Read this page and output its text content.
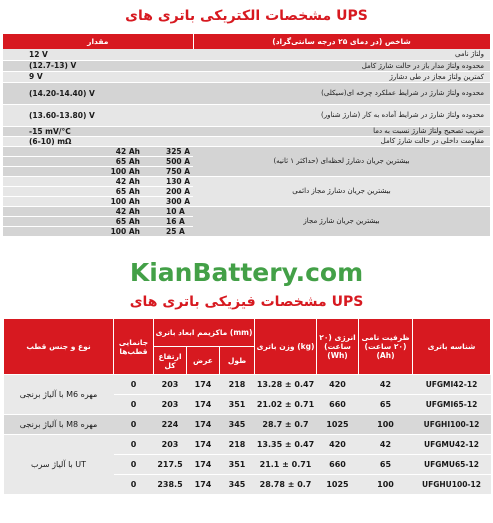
مشخصات الکتریکی باتری های UPS
مقدار		شاخص (در دمای ۲۵ درجه سانتی‌گراد)
12 V		ولتاژ نامی
(12.7-13) V		محدوده ولتاژ مدار باز در حالت شارژ کامل
9 V		کمترین ولتاژ مجاز در طی دشارژ
(14.20-14.40) V		محدوده ولتاژ شارژ در شرایط عملکرد چرخه ای(سیکلی)
(13.60-13.80) V		محدوده ولتاژ شارژ در شرایط آماده به کار (شارژ شناور)
-15 mV/°C		ضریب تصحیح ولتاژ شارژ نسبت به دما
(6-10) mΩ		مقاومت داخلی در حالت شارژ کامل
42 Ah	325 A	بیشترین جریان دشارژ لحظه‌ای (حداکثر ۱ ثانیه)
65 Ah	500 A	
100 Ah	750 A	
42 Ah	130 A	بیشترین جریان دشارژ مجاز دائمی
65 Ah	200 A	
100 Ah	300 A	
42 Ah	10 A	بیشترین جریان شارژ مجاز
65 Ah	16 A	
100 Ah	25 A	
KianBattery.com
مشخصات فیزیکی باتری های UPS
نوع و جنس قطب	جانمایی قطب‌ها	ماکزیمم ابعاد باتری (mm)			وزن باتری (kg)	انرژی (۲۰ ساعت) (Wh)	ظرفیت نامی (۲۰ ساعت) (Ah)	شناسه باتری
		ارتفاع کل	عرض	طول				
مهره M6 با آلیاژ برنجی	0	203	174	218	13.28 ± 0.47	420	42	UFGMI42-12
	0	203	174	351	21.02 ± 0.71	660	65	UFGMI65-12
مهره M8 با آلیاژ برنجی	0	224	174	345	28.7 ± 0.7	1025	100	UFGHI100-12
UT با آلیاژ سرب	0	203	174	218	13.35 ± 0.47	420	42	UFGMU42-12
	0	217.5	174	351	21.1 ± 0.71	660	65	UFGMU65-12
	0	238.5	174	345	28.78 ± 0.7	1025	100	UFGHU100-12
